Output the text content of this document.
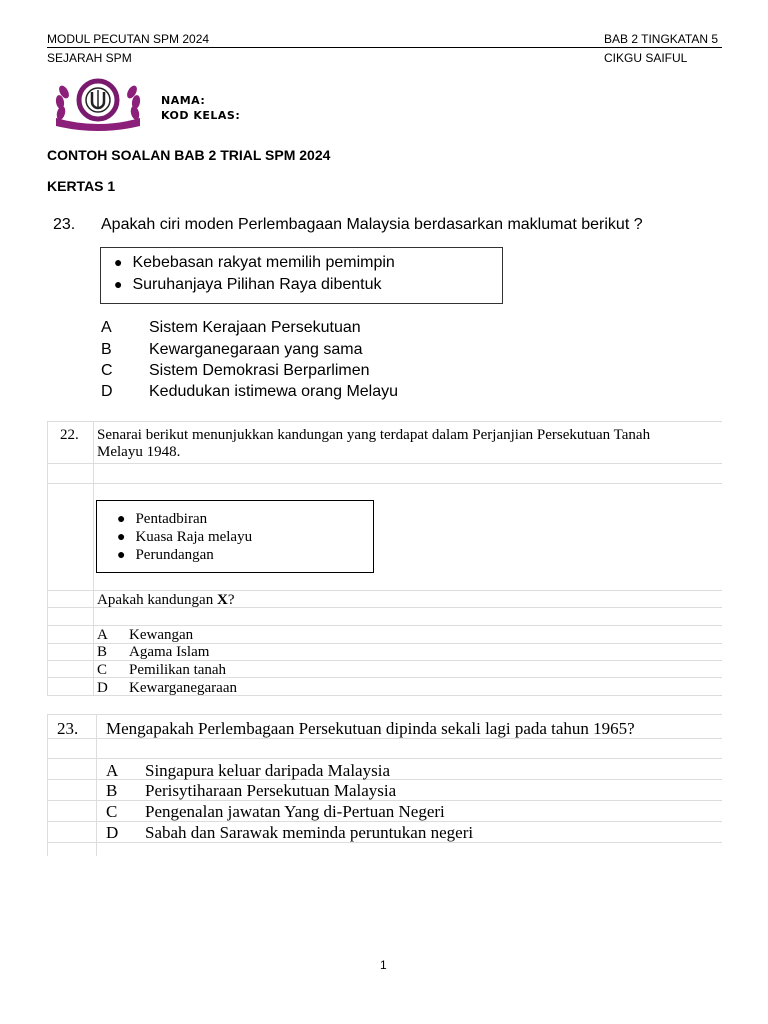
MODUL PECUTAN SPM 2024	BAB 2 TINGKATAN 5
SEJARAH SPM	CIKGU SAIFUL
NAMA:
KOD KELAS:
CONTOH SOALAN BAB 2 TRIAL SPM 2024
KERTAS 1
23. Apakah ciri moden Perlembagaan Malaysia berdasarkan maklumat berikut ?
● Kebebasan rakyat memilih pemimpin
● Suruhanjaya Pilihan Raya dibentuk
A Sistem Kerajaan Persekutuan
B Kewarganegaraan yang sama
C Sistem Demokrasi Berparlimen
D Kedudukan istimewa orang Melayu
22. Senarai berikut menunjukkan kandungan yang terdapat dalam Perjanjian Persekutuan Tanah
Melayu 1948.
● Pentadbiran
● Kuasa Raja melayu
● Perundangan
Apakah kandungan X?
A Kewangan
B Agama Islam
C Pemilikan tanah
D Kewarganegaraan
23. Mengapakah Perlembagaan Persekutuan dipinda sekali lagi pada tahun 1965?
A Singapura keluar daripada Malaysia
B Perisytiharaan Persekutuan Malaysia
C Pengenalan jawatan Yang di-Pertuan Negeri
D Sabah dan Sarawak meminda peruntukan negeri
1
